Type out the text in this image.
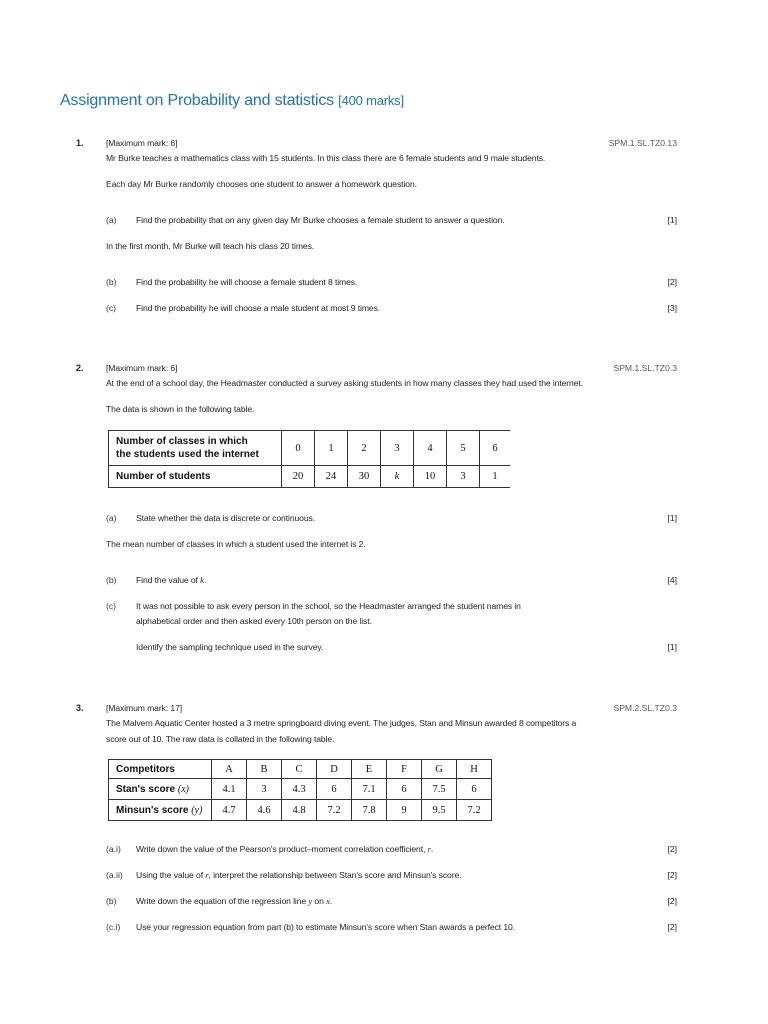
Assignment on Probability and statistics [400 marks]
1.	[Maximum mark: 6]	SPM.1.SL.TZ0.13
Mr Burke teaches a mathematics class with 15 students. In this class there are 6 female students and 9 male students.
Each day Mr Burke randomly chooses one student to answer a homework question.
(a) Find the probability that on any given day Mr Burke chooses a female student to answer a question.	[1]
In the first month, Mr Burke will teach his class 20 times.
(b) Find the probability he will choose a female student 8 times.	[2]
(c) Find the probability he will choose a male student at most 9 times.	[3]
2.	[Maximum mark: 6]	SPM.1.SL.TZ0.3
At the end of a school day, the Headmaster conducted a survey asking students in how many classes they had used the internet.
The data is shown in the following table.
Number of classes in which
the students used the internet	0	1	2	3	4	5	6
Number of students	20	24	30	k	10	3	1
(a) State whether the data is discrete or continuous.	[1]
The mean number of classes in which a student used the internet is 2.
(b) Find the value of k.	[4]
(c) It was not possible to ask every person in the school, so the Headmaster arranged the student names in
alphabetical order and then asked every 10th person on the list.
Identify the sampling technique used in the survey.	[1]
3.	[Maximum mark: 17]	SPM.2.SL.TZ0.3
The Malvern Aquatic Center hosted a 3 metre springboard diving event. The judges, Stan and Minsun awarded 8 competitors a
score out of 10. The raw data is collated in the following table.
Competitors	A	B	C	D	E	F	G	H
Stan's score (x)	4.1	3	4.3	6	7.1	6	7.5	6
Minsun's score (y)	4.7	4.6	4.8	7.2	7.8	9	9.5	7.2
(a.i) Write down the value of the Pearson's product–moment correlation coefficient, r.	[2]
(a.ii) Using the value of r, interpret the relationship between Stan's score and Minsun's score.	[2]
(b) Write down the equation of the regression line y on x.	[2]
(c.i) Use your regression equation from part (b) to estimate Minsun's score when Stan awards a perfect 10.	[2]
